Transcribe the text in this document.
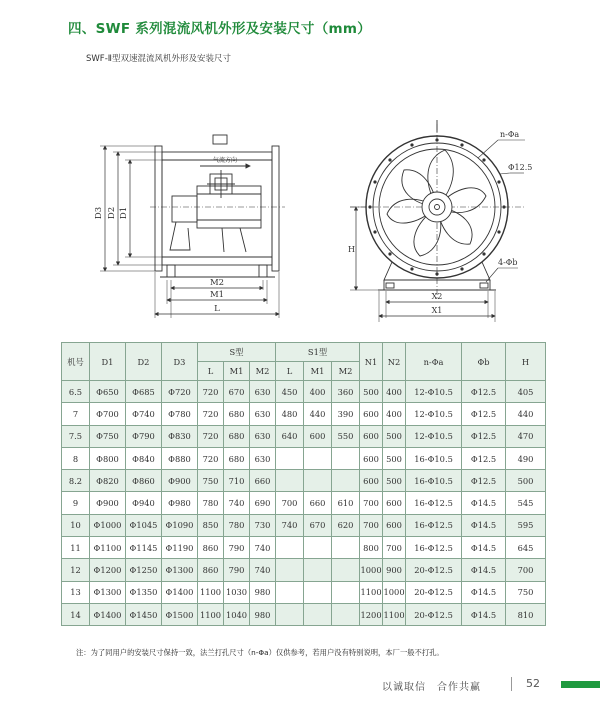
四、SWF 系列混流风机外形及安装尺寸（mm）
SWF-Ⅱ型双速混流风机外形及安装尺寸
D3 D2 D1
气流方向
M2
M1
L
n-Φa
Φ12.5
4-Φb
H
X2
X1
机号	D1	D2	D3	S型			S1型			N1	N2	n-Φa	Φb	H
				L	M1	M2	L	M1	M2					
6.5	Φ650	Φ685	Φ720	720	670	630	450	400	360	500	400	12-Φ10.5	Φ12.5	405
7	Φ700	Φ740	Φ780	720	680	630	480	440	390	600	400	12-Φ10.5	Φ12.5	440
7.5	Φ750	Φ790	Φ830	720	680	630	640	600	550	600	500	12-Φ10.5	Φ12.5	470
8	Φ800	Φ840	Φ880	720	680	630				600	500	16-Φ10.5	Φ12.5	490
8.2	Φ820	Φ860	Φ900	750	710	660				600	500	16-Φ10.5	Φ12.5	500
9	Φ900	Φ940	Φ980	780	740	690	700	660	610	700	600	16-Φ12.5	Φ14.5	545
10	Φ1000	Φ1045	Φ1090	850	780	730	740	670	620	700	600	16-Φ12.5	Φ14.5	595
11	Φ1100	Φ1145	Φ1190	860	790	740				800	700	16-Φ12.5	Φ14.5	645
12	Φ1200	Φ1250	Φ1300	860	790	740				1000	900	20-Φ12.5	Φ14.5	700
13	Φ1300	Φ1350	Φ1400	1100	1030	980				1100	1000	20-Φ12.5	Φ14.5	750
14	Φ1400	Φ1450	Φ1500	1100	1040	980				1200	1100	20-Φ12.5	Φ14.5	810
注：为了同用户的安装尺寸保持一致，法兰打孔尺寸（n-Φa）仅供参考，若用户没有特别说明，本厂一般不打孔。
以诚取信　合作共赢	52
